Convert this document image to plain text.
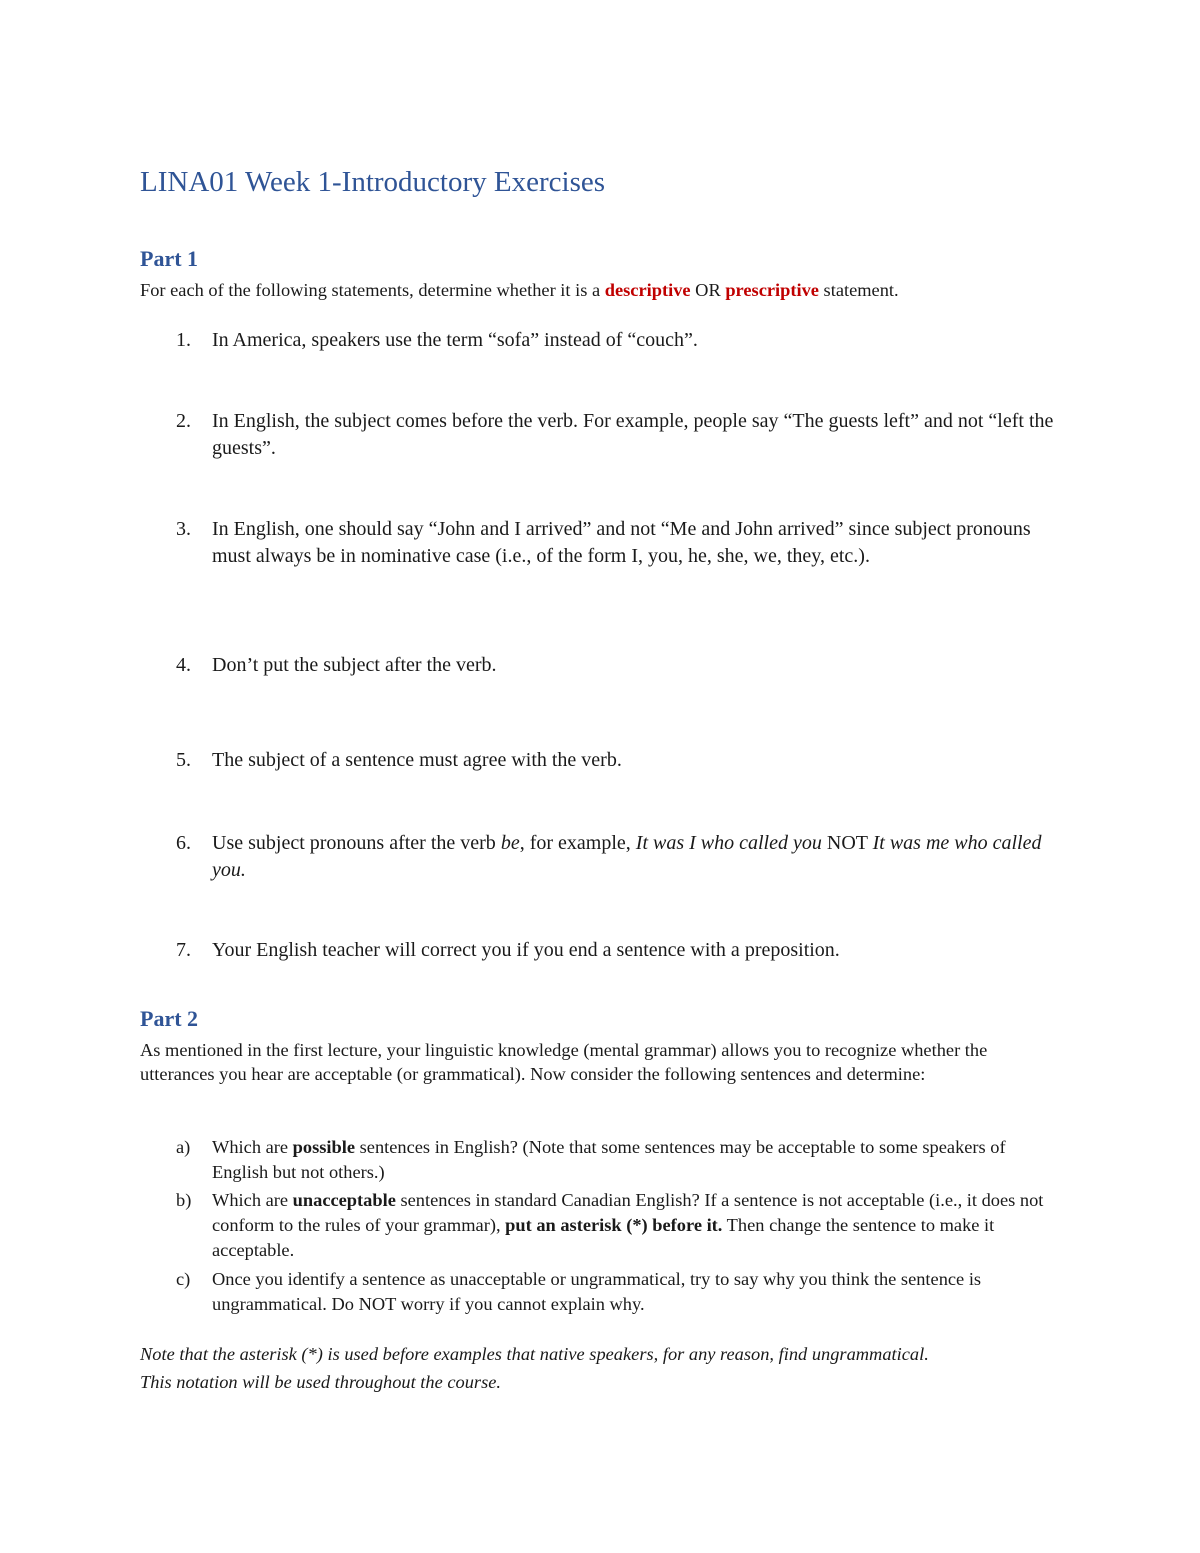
LINA01 Week 1-Introductory Exercises
Part 1
For each of the following statements, determine whether it is a descriptive OR prescriptive statement.
1. In America, speakers use the term “sofa” instead of “couch”.
2. In English, the subject comes before the verb. For example, people say “The guests left” and not “left the guests”.
3. In English, one should say “John and I arrived” and not “Me and John arrived” since subject pronouns must always be in nominative case (i.e., of the form I, you, he, she, we, they, etc.).
4. Don’t put the subject after the verb.
5. The subject of a sentence must agree with the verb.
6. Use subject pronouns after the verb be, for example, It was I who called you NOT It was me who called you.
7. Your English teacher will correct you if you end a sentence with a preposition.
Part 2
As mentioned in the first lecture, your linguistic knowledge (mental grammar) allows you to recognize whether the utterances you hear are acceptable (or grammatical). Now consider the following sentences and determine:
a) Which are possible sentences in English? (Note that some sentences may be acceptable to some speakers of English but not others.)
b) Which are unacceptable sentences in standard Canadian English? If a sentence is not acceptable (i.e., it does not conform to the rules of your grammar), put an asterisk (*) before it. Then change the sentence to make it acceptable.
c) Once you identify a sentence as unacceptable or ungrammatical, try to say why you think the sentence is ungrammatical. Do NOT worry if you cannot explain why.
Note that the asterisk (*) is used before examples that native speakers, for any reason, find ungrammatical. This notation will be used throughout the course.
